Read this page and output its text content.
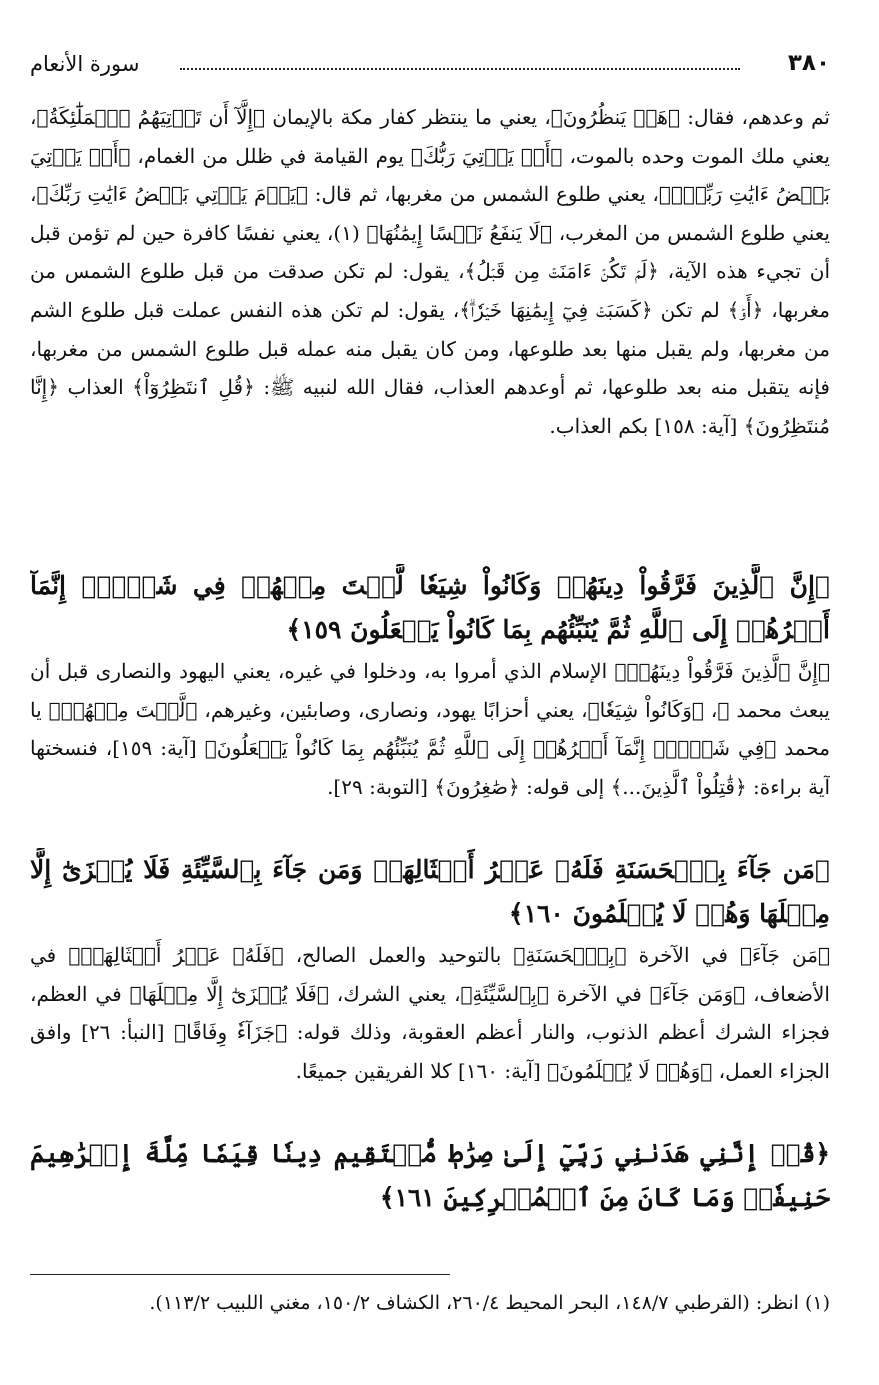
٣٨٠
سورة الأنعام

ثم وعدهم، فقال: ﴿هَلۡ يَنظُرُونَ﴾، يعني ما ينتظر كفار مكة بالإيمان ﴿إِلَّآ أَن تَأۡتِيَهُمُ ٱلۡمَلَٰٓئِكَةُ﴾، يعني ملك الموت وحده بالموت، ﴿أَوۡ يَأۡتِيَ رَبُّكَ﴾ يوم القيامة في ظلل من الغمام، ﴿أَوۡ يَأۡتِيَ بَعۡضُ ءَايَٰتِ رَبِّكَۗ﴾، يعني طلوع الشمس من مغربها، ثم قال: ﴿يَوۡمَ يَأۡتِي بَعۡضُ ءَايَٰتِ رَبِّكَ﴾، يعني طلوع الشمس من المغرب، ﴿لَا يَنفَعُ نَفۡسًا إِيمَٰنُهَا﴾ (١)، يعني نفسًا كافرة حين لم تؤمن قبل أن تجيء هذه الآية، ﴿لَمۡ تَكُنۡ ءَامَنَتۡ مِن قَبۡلُ﴾، يقول: لم تكن صدقت من قبل طلوع الشمس من مغربها، ﴿أَوۡ﴾ لم تكن ﴿كَسَبَتۡ فِيٓ إِيمَٰنِهَا خَيۡرٗاۗ﴾، يقول: لم تكن هذه النفس عملت قبل طلوع الشم من مغربها، ولم يقبل منها بعد طلوعها، ومن كان يقبل منه عمله قبل طلوع الشمس من مغربها، فإنه يتقبل منه بعد طلوعها، ثم أوعدهم العذاب، فقال الله لنبيه ﷺ: ﴿قُلِ ٱنتَظِرُوٓاْ﴾ العذاب ﴿إِنَّا مُنتَظِرُونَ﴾ [آية: ١٥٨] بكم العذاب.

﴿إِنَّ ٱلَّذِينَ فَرَّقُواْ دِينَهُمۡ وَكَانُواْ شِيَعٗا لَّسۡتَ مِنۡهُمۡ فِي شَيۡءٍۚ إِنَّمَآ أَمۡرُهُمۡ إِلَى ٱللَّهِ ثُمَّ يُنَبِّئُهُم بِمَا كَانُواْ يَفۡعَلُونَ ١٥٩﴾

﴿إِنَّ ٱلَّذِينَ فَرَّقُواْ دِينَهُمۡ﴾ الإسلام الذي أمروا به، ودخلوا في غيره، يعني اليهود والنصارى قبل أن يبعث محمد ﷺ، ﴿وَكَانُواْ شِيَعٗا﴾، يعني أحزابًا يهود، ونصارى، وصابئين، وغيرهم، ﴿لَّسۡتَ مِنۡهُمۡ﴾ يا محمد ﴿فِي شَيۡءٍۚ إِنَّمَآ أَمۡرُهُمۡ إِلَى ٱللَّهِ ثُمَّ يُنَبِّئُهُم بِمَا كَانُواْ يَفۡعَلُونَ﴾ [آية: ١٥٩]، فنسختها آية براءة: ﴿قَٰتِلُواْ ٱلَّذِينَ...﴾ إلى قوله: ﴿صَٰغِرُونَ﴾ [التوبة: ٢٩].

﴿مَن جَآءَ بِٱلۡحَسَنَةِ فَلَهُۥ عَشۡرُ أَمۡثَالِهَاۖ وَمَن جَآءَ بِٱلسَّيِّئَةِ فَلَا يُجۡزَىٰٓ إِلَّا مِثۡلَهَا وَهُمۡ لَا يُظۡلَمُونَ ١٦٠﴾

﴿مَن جَآءَ﴾ في الآخرة ﴿بِٱلۡحَسَنَةِ﴾ بالتوحيد والعمل الصالح، ﴿فَلَهُۥ عَشۡرُ أَمۡثَالِهَاۖ﴾ في الأضعاف، ﴿وَمَن جَآءَ﴾ في الآخرة ﴿بِٱلسَّيِّئَةِ﴾، يعني الشرك، ﴿فَلَا يُجۡزَىٰٓ إِلَّا مِثۡلَهَا﴾ في العظم، فجزاء الشرك أعظم الذنوب، والنار أعظم العقوبة، وذلك قوله: ﴿جَزَآءٗ وِفَاقًا﴾ [النبأ: ٢٦] وافق الجزاء العمل، ﴿وَهُمۡ لَا يُظۡلَمُونَ﴾ [آية: ١٦٠] كلا الفريقين جميعًا.

﴿قُلۡ إِنَّنِي هَدَىٰنِي رَبِّيٓ إِلَىٰ صِرَٰطٖ مُّسۡتَقِيمٖ دِينٗا قِيَمٗا مِّلَّةَ إِبۡرَٰهِيمَ حَنِيفٗاۚ وَمَا كَانَ مِنَ ٱلۡمُشۡرِكِينَ ١٦١﴾

(١) انظر: (القرطبي ١٤٨/٧، البحر المحيط ٢٦٠/٤، الكشاف ١٥٠/٢، مغني اللبيب ١١٣/٢).
